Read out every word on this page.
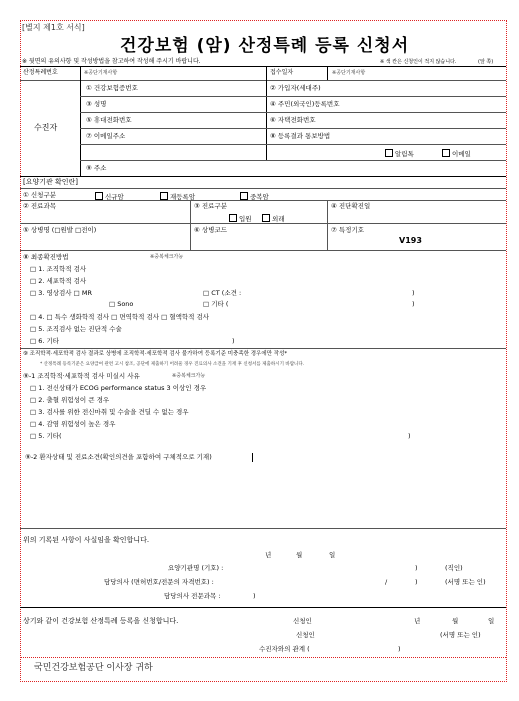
[별지 제1호 서식]
건강보험 (암) 산정특례 등록 신청서
※ 뒷면의 유의사항 및 작성방법을 참고하여 작성해 주시기 바랍니다.	※ 색 칸은 신청인이 적지 않습니다.	(앞 쪽)
산정특례번호	※공단기재사항	접수일자	※공단기재사항
수진자
① 건강보험증번호	② 가입자(세대주)
③ 성명	④ 주민(외국인)등록번호
⑤ 휴대전화번호	⑥ 자택전화번호
⑦ 이메일주소	⑧ 등록결과 통보방법
알림톡	이메일
⑨ 주소
[요양기관 확인란]
① 신청구분	신규암	재등록암	중복암
② 진료과목	③ 진료구분
입원	외래
④ 진단확진일
⑤ 상병명 (□원발 □전이)	⑥ 상병코드	⑦ 특정기호
V193
⑧ 최종확진방법	※중복체크가능
□ 1. 조직학적 검사
□ 2. 세포학적 검사
□ 3. 영상검사 □ MR
□ Sono
□ CT (소견 :
□ 기타 (
)
)
□ 4. □ 특수 생화학적 검사 □ 면역학적 검사 □ 혈액학적 검사
□ 5. 조직검사 없는 진단적 수술
□ 6. 기타	)
⑨ 조직학적·세포학적 검사 결과로 상병에 조직학적·세포학적 검사 불가하여 등록기준 미충족한 경우에만 작성*
* 산정특례 등록기준은 요양급여 관련 고시 참조, 공단에 제출하기 어려울 경우 진료의사 소견을 기재 후 신청서를 제출하시기 바랍니다.
⑨-1 조직학적·세포학적 검사 미실시 사유	※중복체크가능
□ 1. 전신상태가 ECOG performance status 3 이상인 경우
□ 2. 출혈 위험성이 큰 경우
□ 3. 검사를 위한 전신마취 및 수술을 견딜 수 없는 경우
□ 4. 감염 위험성이 높은 경우
□ 5. 기타(	)
⑨-2 환자상태 및 진료소견(확인의견을 포함하여 구체적으로 기재)
위의 기록된 사항이 사실임을 확인합니다.
년	월	일
요양기관명 (기호) :	)	(직인)
담당의사 (면허번호/전문의 자격번호) :	/	)	(서명 또는 인)
담당의사 전문과목 :	)
상기와 같이 건강보험 산정특례 등록을 신청합니다.	신청인	년	월	일
신청인	(서명 또는 인)
수진자와의 관계 (	)
국민건강보험공단 이사장 귀하
